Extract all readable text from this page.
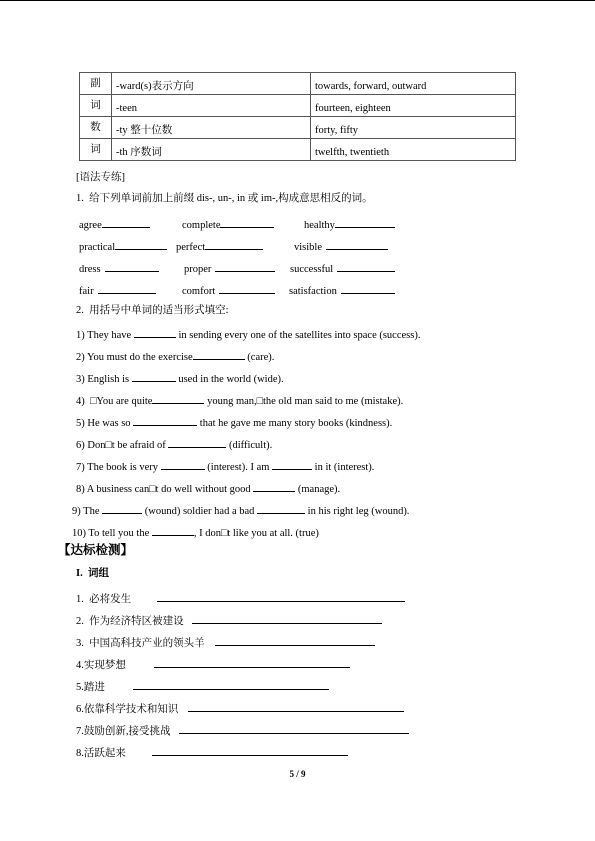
副	-ward(s)表示方向	towards, forward, outward
词	-teen	fourteen, eighteen
数	-ty 整十位数	forty, fifty
词	-th 序数词	twelfth, twentieth
[语法专练]
1.  给下列单词前加上前缀 dis-, un-, in 或 im-,构成意思相反的词。
agree	complete	healthy
practical	perfect	visible
dress	proper	successful
fair	comfort	satisfaction
2.  用括号中单词的适当形式填空:
1) They have	in sending every one of the satellites into space (success).
2) You must do the exercise	(care).
3) English is	used in the world (wide).
4)  □You are quite	young man,□the old man said to me (mistake).
5) He was so	that he gave me many story books (kindness).
6) Don□t be afraid of	(difficult).
7) The book is very	(interest). I am	in it (interest).
8) A business can□t do well without good	(manage).
9) The	(wound) soldier had a bad	in his right leg (wound).
10) To tell you the	, I don□t like you at all. (true)
【达标检测】
I.  词组
1.  必将发生
2.  作为经济特区被建设
3.  中国高科技产业的领头羊
4.实现梦想
5.踏进
6.依靠科学技术和知识
7.鼓励创新,接受挑战
8.活跃起来
5 / 9
